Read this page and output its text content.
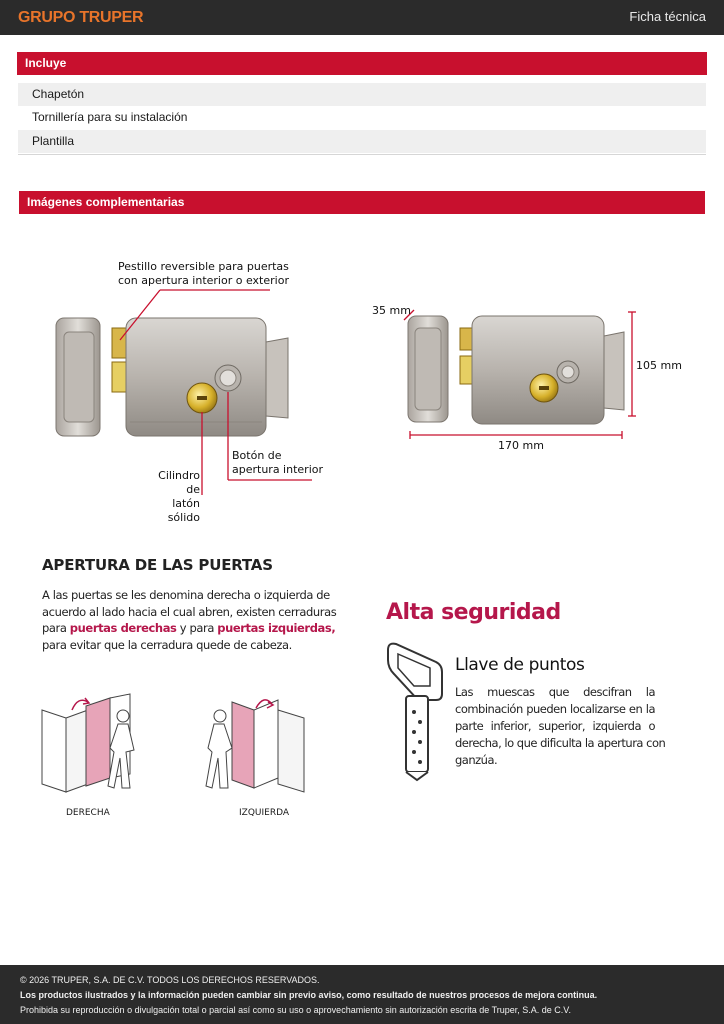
GRUPO TRUPER	Ficha técnica
Incluye
Chapetón
Tornillería para su instalación
Plantilla
Imágenes complementarias
Pestillo reversible para puertas
con apertura interior o exterior
Cilindro de
latón sólido
Botón de
apertura interior
35 mm
105 mm
170 mm
APERTURA DE LAS PUERTAS
A las puertas se les denomina derecha o izquierda de
acuerdo al lado hacia el cual abren, existen cerraduras
para puertas derechas y para puertas izquierdas,
para evitar que la cerradura quede de cabeza.
DERECHA	IZQUIERDA
Alta seguridad
Llave de puntos
Las muescas que descifran la
combinación pueden localizarse en la
parte inferior, superior, izquierda o
derecha, lo que dificulta la apertura con
ganzúa.
© 2026 TRUPER, S.A. DE C.V. TODOS LOS DERECHOS RESERVADOS.
Los productos ilustrados y la información pueden cambiar sin previo aviso, como resultado de nuestros procesos de mejora continua.
Prohibida su reproducción o divulgación total o parcial así como su uso o aprovechamiento sin autorización escrita de Truper, S.A. de C.V.
